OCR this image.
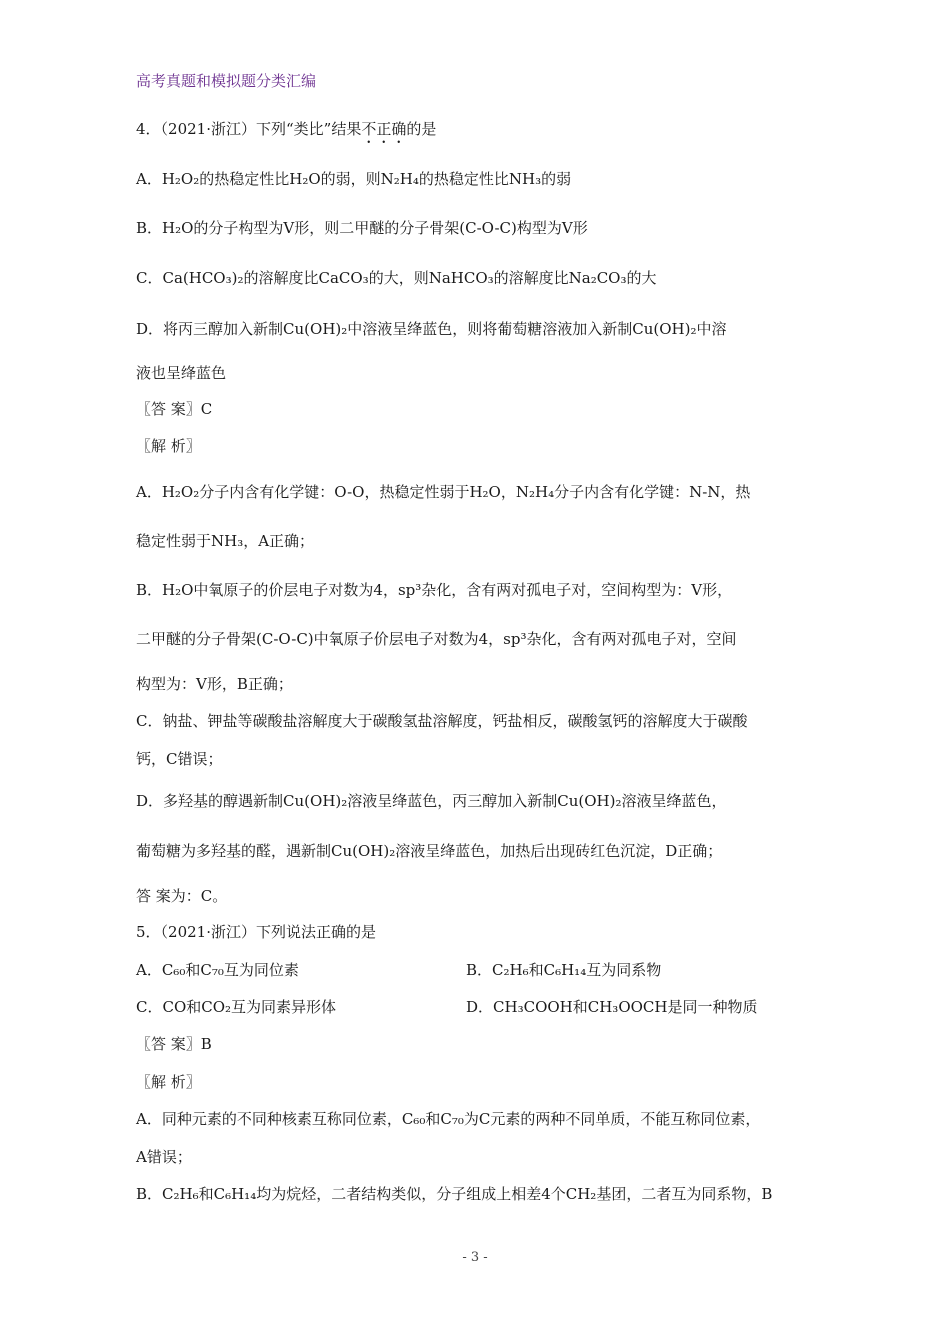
高考真题和模拟题分类汇编
4．（2021·浙江）下列“类比”结果不正确的是
A．H₂O₂的热稳定性比H₂O的弱，则N₂H₄的热稳定性比NH₃的弱
B．H₂O的分子构型为V形，则二甲醚的分子骨架(C-O-C)构型为V形
C．Ca(HCO₃)₂的溶解度比CaCO₃的大，则NaHCO₃的溶解度比Na₂CO₃的大
D．将丙三醇加入新制Cu(OH)₂中溶液呈绛蓝色，则将葡萄糖溶液加入新制Cu(OH)₂中溶
液也呈绛蓝色
〖答 案〗C
〖解 析〗
A．H₂O₂分子内含有化学键：O-O，热稳定性弱于H₂O，N₂H₄分子内含有化学键：N-N，热
稳定性弱于NH₃，A正确；
B．H₂O中氧原子的价层电子对数为4，sp³杂化，含有两对孤电子对，空间构型为：V形，
二甲醚的分子骨架(C-O-C)中氧原子价层电子对数为4，sp³杂化，含有两对孤电子对，空间
构型为：V形，B正确；
C．钠盐、钾盐等碳酸盐溶解度大于碳酸氢盐溶解度，钙盐相反，碳酸氢钙的溶解度大于碳酸
钙，C错误；
D．多羟基的醇遇新制Cu(OH)₂溶液呈绛蓝色，丙三醇加入新制Cu(OH)₂溶液呈绛蓝色，
葡萄糖为多羟基的醛，遇新制Cu(OH)₂溶液呈绛蓝色，加热后出现砖红色沉淀，D正确；
答 案为：C。
5．（2021·浙江）下列说法正确的是
A．C₆₀和C₇₀互为同位素	B．C₂H₆和C₆H₁₄互为同系物
C．CO和CO₂互为同素异形体	D．CH₃COOH和CH₃OOCH是同一种物质
〖答 案〗B
〖解 析〗
A．同种元素的不同种核素互称同位素，C₆₀和C₇₀为C元素的两种不同单质，不能互称同位素，
A错误；
B．C₂H₆和C₆H₁₄均为烷烃，二者结构类似，分子组成上相差4个CH₂基团，二者互为同系物，B
- 3 -
